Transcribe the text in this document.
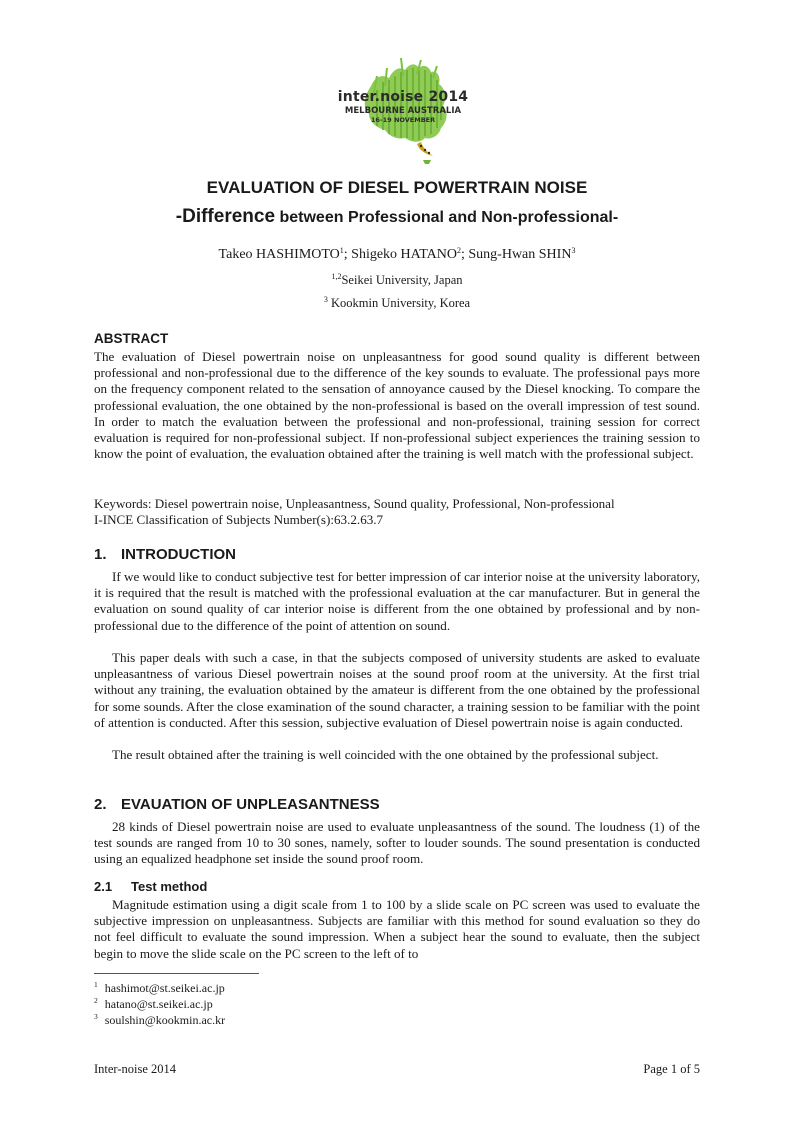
inter.noise 2014
MELBOURNE AUSTRALIA
16-19 NOVEMBER
EVALUATION OF DIESEL POWERTRAIN NOISE
-Difference between Professional and Non-professional-
Takeo HASHIMOTO$^1$; Shigeko HATANO$^2$; Sung-Hwan SHIN$^3$
$^{1,2}$Seikei University, Japan
$^3$ Kookmin University, Korea
ABSTRACT

The evaluation of Diesel powertrain noise on unpleasantness for good sound quality is different between professional and non-professional due to the difference of the key sounds to evaluate. The professional pays more on the frequency component related to the sensation of annoyance caused by the Diesel knocking. To compare the professional evaluation, the one obtained by the non-professional is based on the overall impression of test sound. In order to match the evaluation between the professional and non-professional, training session for correct evaluation is required for non-professional subject. If non-professional subject experiences the training session to know the point of evaluation, the evaluation obtained after the training is well match with the professional subject.

Keywords: Diesel powertrain noise, Unpleasantness, Sound quality, Professional, Non-professional

I-INCE Classification of Subjects Number(s):63.2.63.7

1. INTRODUCTION

If we would like to conduct subjective test for better impression of car interior noise at the university laboratory, it is required that the result is matched with the professional evaluation at the car manufacturer. But in general the evaluation on sound quality of car interior noise is different from the one obtained by professional and by non-professional due to the difference of the point of attention on sound.

This paper deals with such a case, in that the subjects composed of university students are asked to evaluate unpleasantness of various Diesel powertrain noises at the sound proof room at the university. At the first trial without any training, the evaluation obtained by the amateur is different from the one obtained by the professional for some sounds. After the close examination of the sound character, a training session to be familiar with the point of attention is conducted. After this session, subjective evaluation of Diesel powertrain noise is again conducted.

The result obtained after the training is well coincided with the one obtained by the professional subject.

2. EVAUATION OF UNPLEASANTNESS

28 kinds of Diesel powertrain noise are used to evaluate unpleasantness of the sound. The loudness (1) of the test sounds are ranged from 10 to 30 sones, namely, softer to louder sounds. The sound presentation is conducted using an equalized headphone set inside the sound proof room.

2.1 Test method

Magnitude estimation using a digit scale from 1 to 100 by a slide scale on PC screen was used to evaluate the subjective impression on unpleasantness. Subjects are familiar with this method for sound evaluation so they do not feel difficult to evaluate the sound impression. When a subject hear the sound to evaluate, then the subject begin to move the slide scale on the PC screen to the left of to

$^1$ hashimot@st.seikei.ac.jp
$^2$ hatano@st.seikei.ac.jp
$^3$ soulshin@kookmin.ac.kr
Inter-noise 2014	Page 1 of 5
